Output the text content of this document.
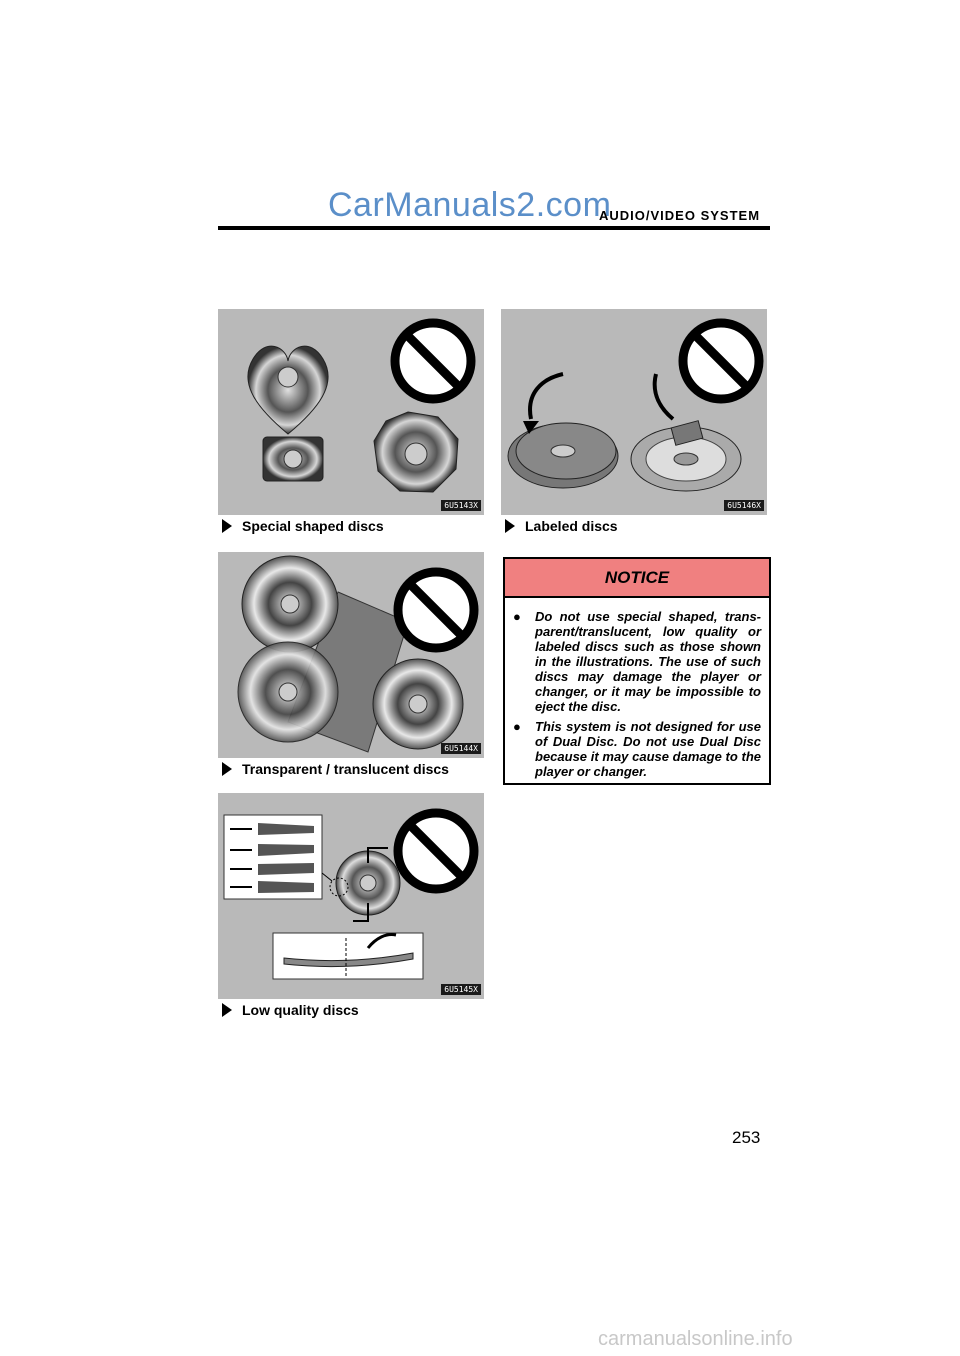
CarManuals2.com
AUDIO/VIDEO SYSTEM
6U5143X
Special shaped discs
6U5146X
Labeled discs
6U5144X
Transparent / translucent discs
6U5145X
Low quality discs
NOTICE
●	Do not use special shaped, trans-parent/translucent, low quality or labeled discs such as those shown in the illustrations. The use of such discs may damage the player or changer, or it may be impossible to eject the disc.
●	This system is not designed for use of Dual Disc. Do not use Dual Disc because it may cause damage to the player or changer.
253
carmanualsonline.info
